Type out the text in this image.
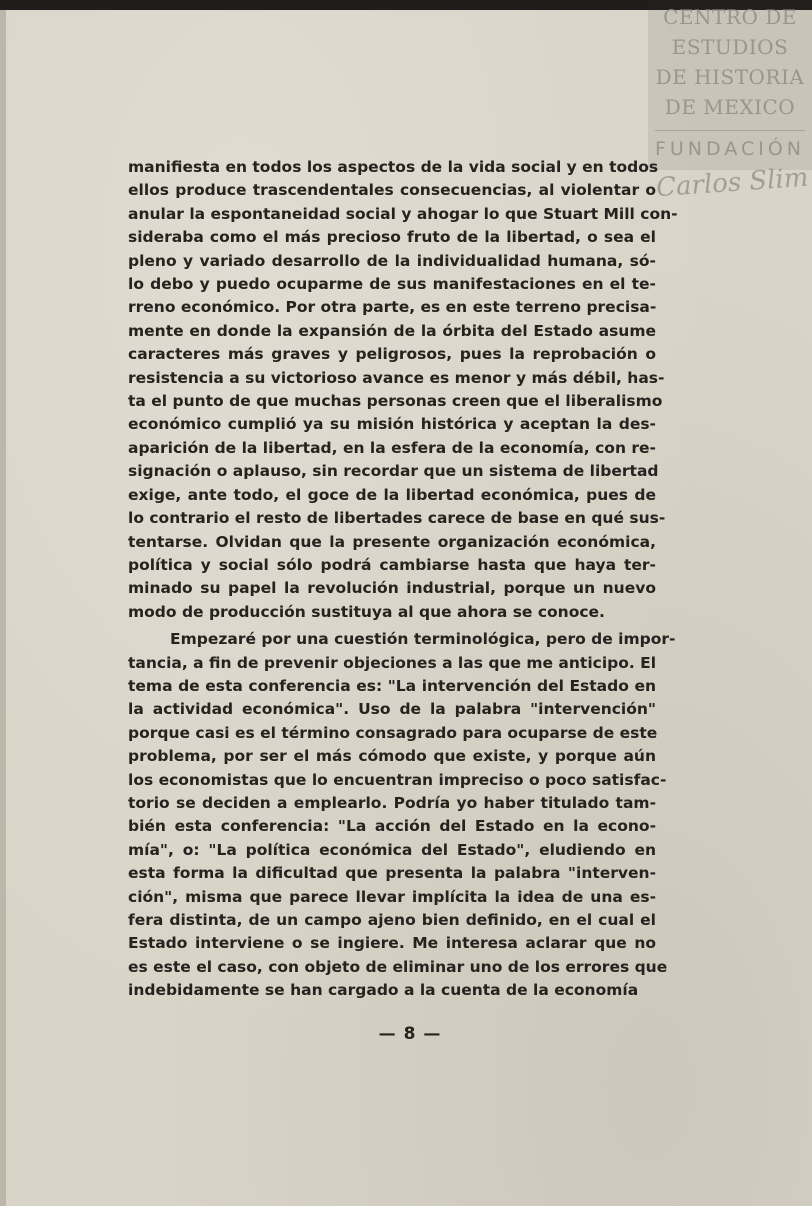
CENTRO DE
ESTUDIOS
DE HISTORIA
DE MEXICO
FUNDACIÓN
Carlos Slim
manifiesta en todos los aspectos de la vida social y en todos
ellos produce trascendentales consecuencias, al violentar o
anular la espontaneidad social y ahogar lo que Stuart Mill con-
sideraba como el más precioso fruto de la libertad, o sea el
pleno y variado desarrollo de la individualidad humana, só-
lo debo y puedo ocuparme de sus manifestaciones en el te-
rreno económico. Por otra parte, es en este terreno precisa-
mente en donde la expansión de la órbita del Estado asume
caracteres más graves y peligrosos, pues la reprobación o
resistencia a su victorioso avance es menor y más débil, has-
ta el punto de que muchas personas creen que el liberalismo
económico cumplió ya su misión histórica y aceptan la des-
aparición de la libertad, en la esfera de la economía, con re-
signación o aplauso, sin recordar que un sistema de libertad
exige, ante todo, el goce de la libertad económica, pues de
lo contrario el resto de libertades carece de base en qué sus-
tentarse. Olvidan que la presente organización económica,
política y social sólo podrá cambiarse hasta que haya ter-
minado su papel la revolución industrial, porque un nuevo
modo de producción sustituya al que ahora se conoce.
Empezaré por una cuestión terminológica, pero de impor-
tancia, a fin de prevenir objeciones a las que me anticipo. El
tema de esta conferencia es: "La intervención del Estado en
la actividad económica". Uso de la palabra "intervención"
porque casi es el término consagrado para ocuparse de este
problema, por ser el más cómodo que existe, y porque aún
los economistas que lo encuentran impreciso o poco satisfac-
torio se deciden a emplearlo. Podría yo haber titulado tam-
bién esta conferencia: "La acción del Estado en la econo-
mía", o: "La política económica del Estado", eludiendo en
esta forma la dificultad que presenta la palabra "interven-
ción", misma que parece llevar implícita la idea de una es-
fera distinta, de un campo ajeno bien definido, en el cual el
Estado interviene o se ingiere. Me interesa aclarar que no
es este el caso, con objeto de eliminar uno de los errores que
indebidamente se han cargado a la cuenta de la economía
— 8 —
